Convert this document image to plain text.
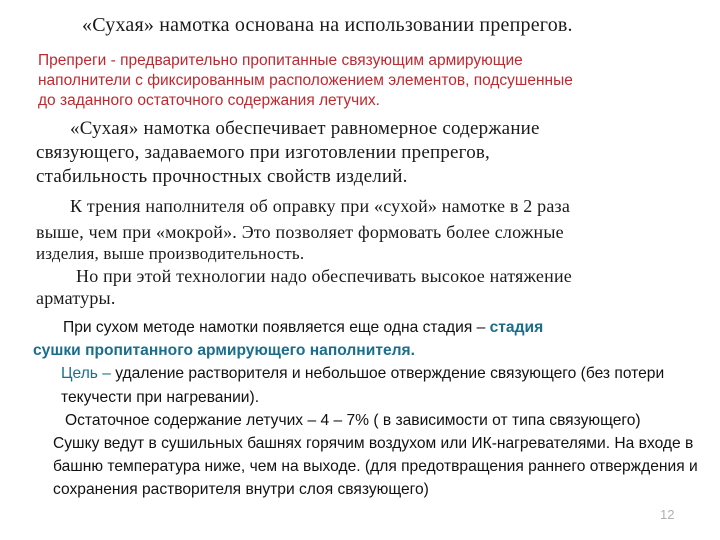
«Сухая» намотка основана на использовании препрегов.
Препреги - предварительно пропитанные связующим армирующие
наполнители с фиксированным расположением элементов, подсушенные
до заданного остаточного содержания летучих.
«Сухая» намотка обеспечивает равномерное содержание
связующего, задаваемого при изготовлении препрегов,
стабильность прочностных свойств изделий.
К трения наполнителя об оправку при «сухой» намотке в 2 раза
выше, чем при «мокрой». Это позволяет формовать более сложные
изделия, выше производительность.
Но при этой технологии надо обеспечивать высокое натяжение
арматуры.

При сухом методе намотки появляется еще одна стадия – стадия

сушки пропитанного армирующего наполнителя.

Цель – удаление растворителя и небольшое отверждение связующего (без потери текучести при нагревании).

Остаточное содержание летучих – 4 – 7% ( в зависимости от типа связующего)

Сушку ведут в сушильных башнях горячим воздухом или ИК-нагревателями. На входе в башню температура ниже, чем на выходе. (для предотвращения раннего отверждения и сохранения растворителя внутри слоя связующего)

12
